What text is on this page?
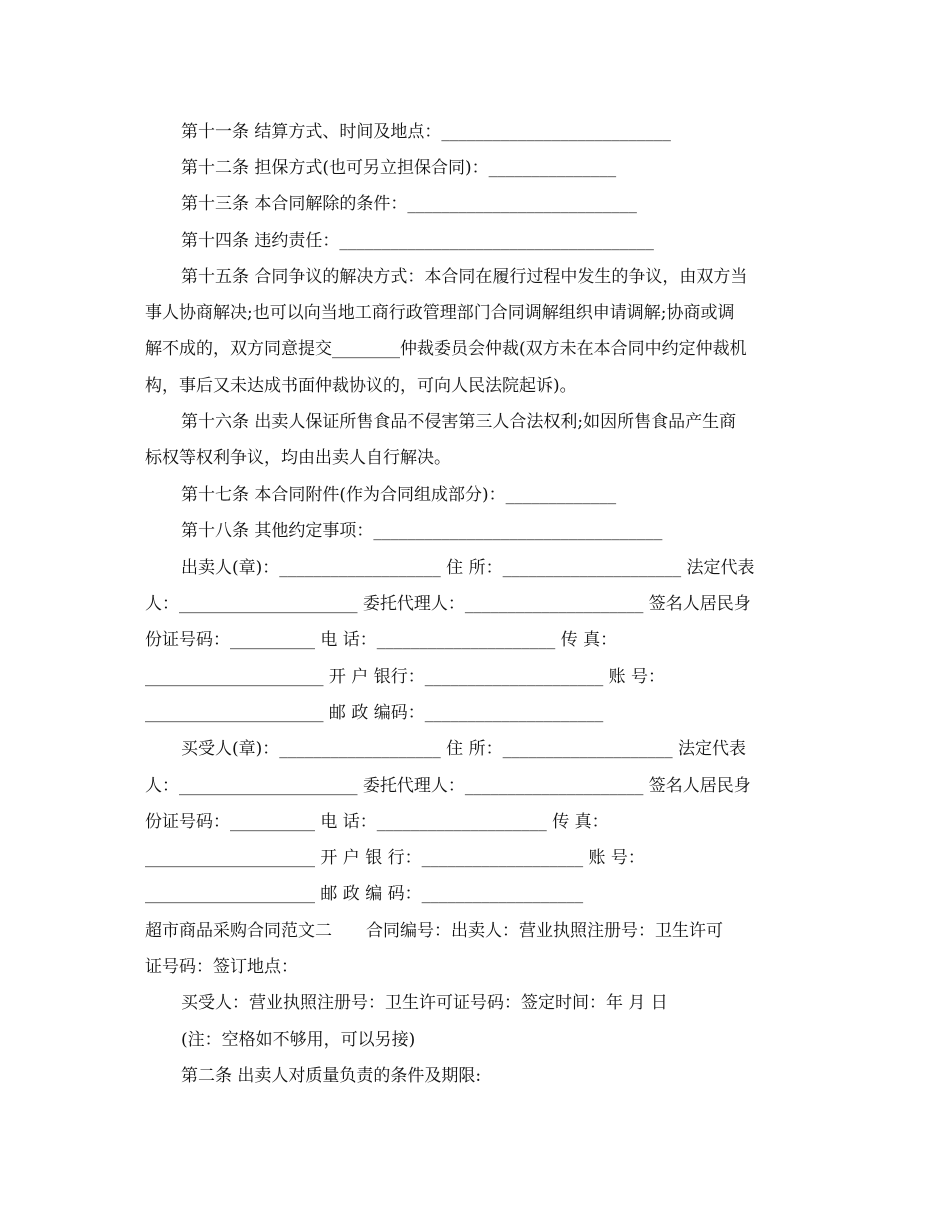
第十一条 结算方式、时间及地点：___________________________
第十二条 担保方式(也可另立担保合同)：_______________
第十三条 本合同解除的条件：___________________________
第十四条 违约责任：_____________________________________
第十五条 合同争议的解决方式：本合同在履行过程中发生的争议，由双方当
事人协商解决;也可以向当地工商行政管理部门合同调解组织申请调解;协商或调
解不成的，双方同意提交________仲裁委员会仲裁(双方未在本合同中约定仲裁机
构，事后又未达成书面仲裁协议的，可向人民法院起诉)。
第十六条 出卖人保证所售食品不侵害第三人合法权利;如因所售食品产生商
标权等权利争议，均由出卖人自行解决。
第十七条 本合同附件(作为合同组成部分)：_____________
第十八条 其他约定事项：__________________________________
出卖人(章)：___________________ 住 所：_____________________ 法定代表
人：_____________________ 委托代理人：_____________________ 签名人居民身
份证号码：__________ 电 话：_____________________ 传 真：
_____________________ 开 户 银行：_____________________ 账 号：
_____________________ 邮 政 编码：_____________________
买受人(章)：___________________ 住 所：____________________ 法定代表
人：_____________________ 委托代理人：_____________________ 签名人居民身
份证号码：__________ 电 话：____________________ 传 真：
____________________ 开 户 银 行：___________________ 账 号：
____________________ 邮 政 编 码：___________________
超市商品采购合同范文二　　合同编号：出卖人：营业执照注册号：卫生许可
证号码：签订地点：
买受人：营业执照注册号：卫生许可证号码：签定时间：年 月 日
(注：空格如不够用，可以另接)
第二条 出卖人对质量负责的条件及期限:
